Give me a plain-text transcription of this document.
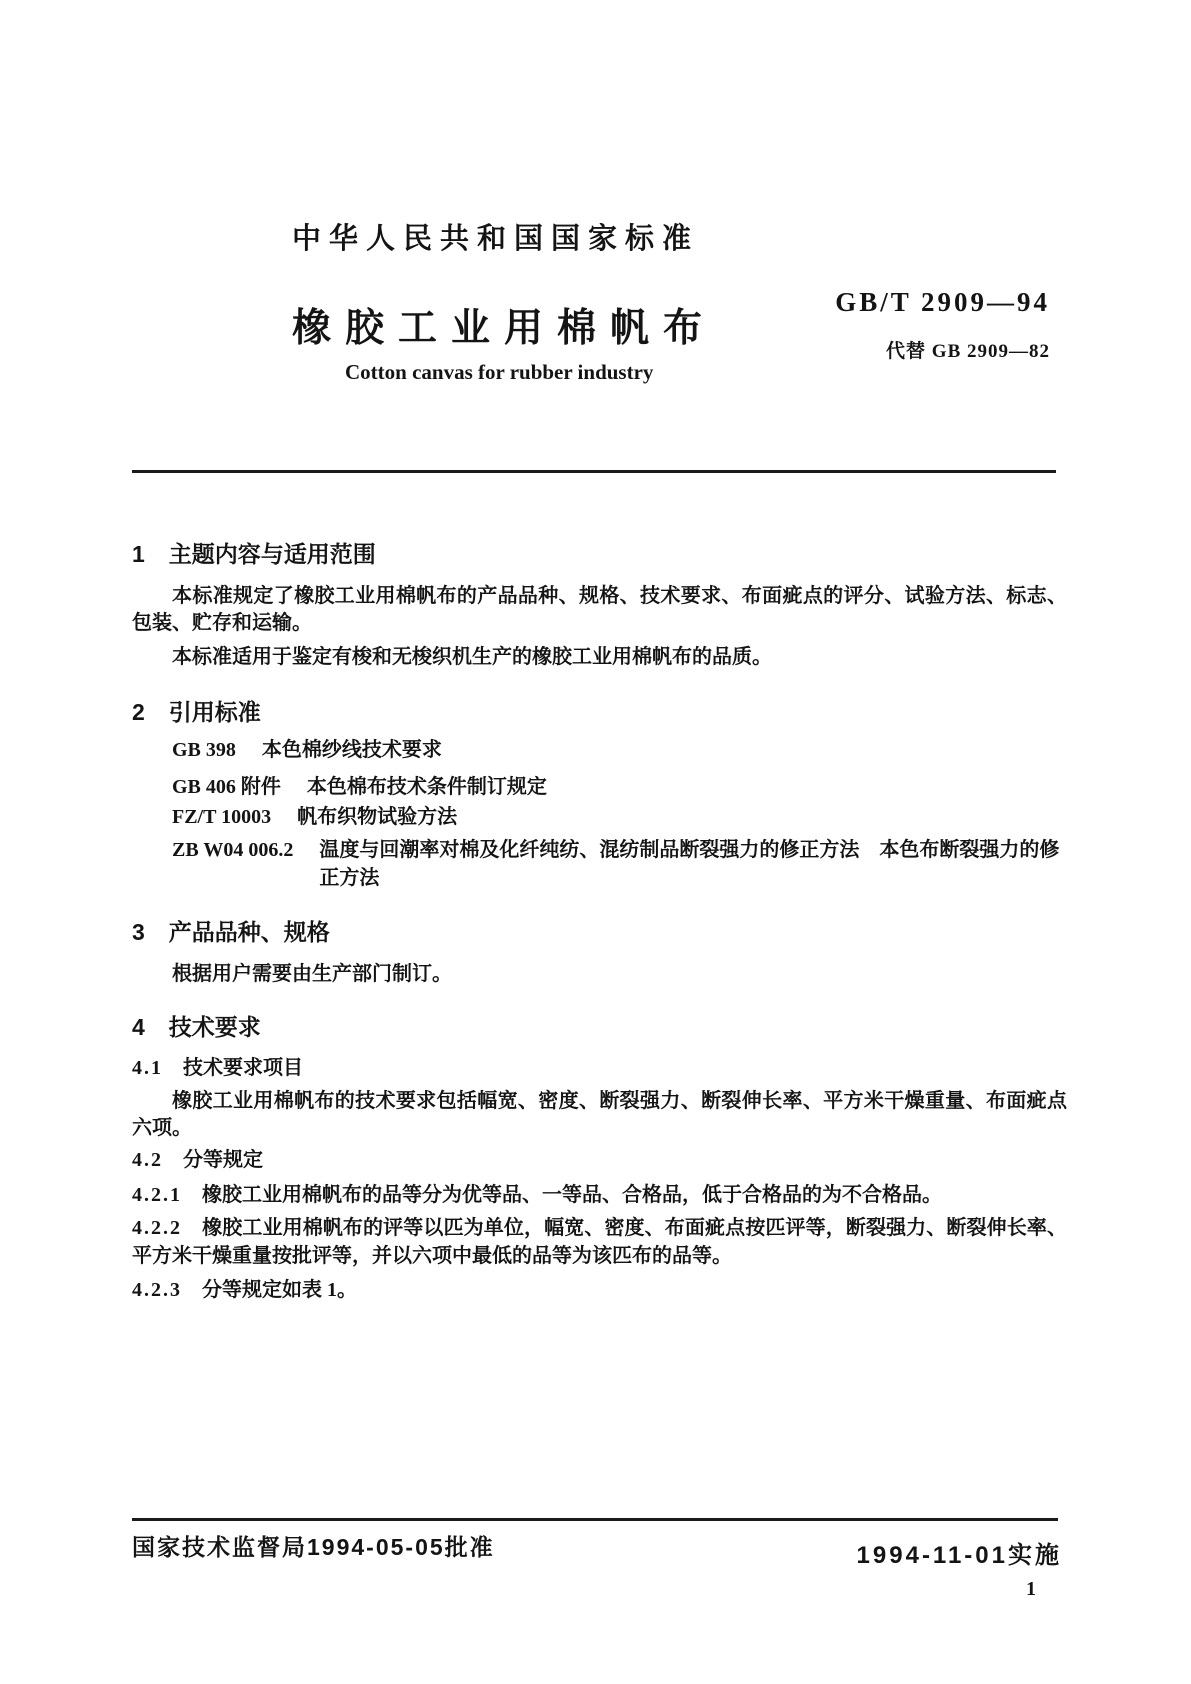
中华人民共和国国家标准
橡胶工业用棉帆布
GB/T 2909—94
代替 GB 2909—82
Cotton canvas for rubber industry
1 主题内容与适用范围
本标准规定了橡胶工业用棉帆布的产品品种、规格、技术要求、布面疵点的评分、试验方法、标志、包装、贮存和运输。
本标准适用于鉴定有梭和无梭织机生产的橡胶工业用棉帆布的品质。
2 引用标准
GB 398 本色棉纱线技术要求
GB 406 附件 本色棉布技术条件制订规定
FZ/T 10003 帆布织物试验方法
ZB W04 006.2 温度与回潮率对棉及化纤纯纺、混纺制品断裂强力的修正方法　本色布断裂强力的修正方法
3 产品品种、规格
根据用户需要由生产部门制订。
4 技术要求
4.1 技术要求项目
橡胶工业用棉帆布的技术要求包括幅宽、密度、断裂强力、断裂伸长率、平方米干燥重量、布面疵点六项。
4.2 分等规定
4.2.1 橡胶工业用棉帆布的品等分为优等品、一等品、合格品，低于合格品的为不合格品。
4.2.2 橡胶工业用棉帆布的评等以匹为单位，幅宽、密度、布面疵点按匹评等，断裂强力、断裂伸长率、平方米干燥重量按批评等，并以六项中最低的品等为该匹布的品等。
4.2.3 分等规定如表 1。
国家技术监督局1994-05-05批准	1994-11-01实施
1
